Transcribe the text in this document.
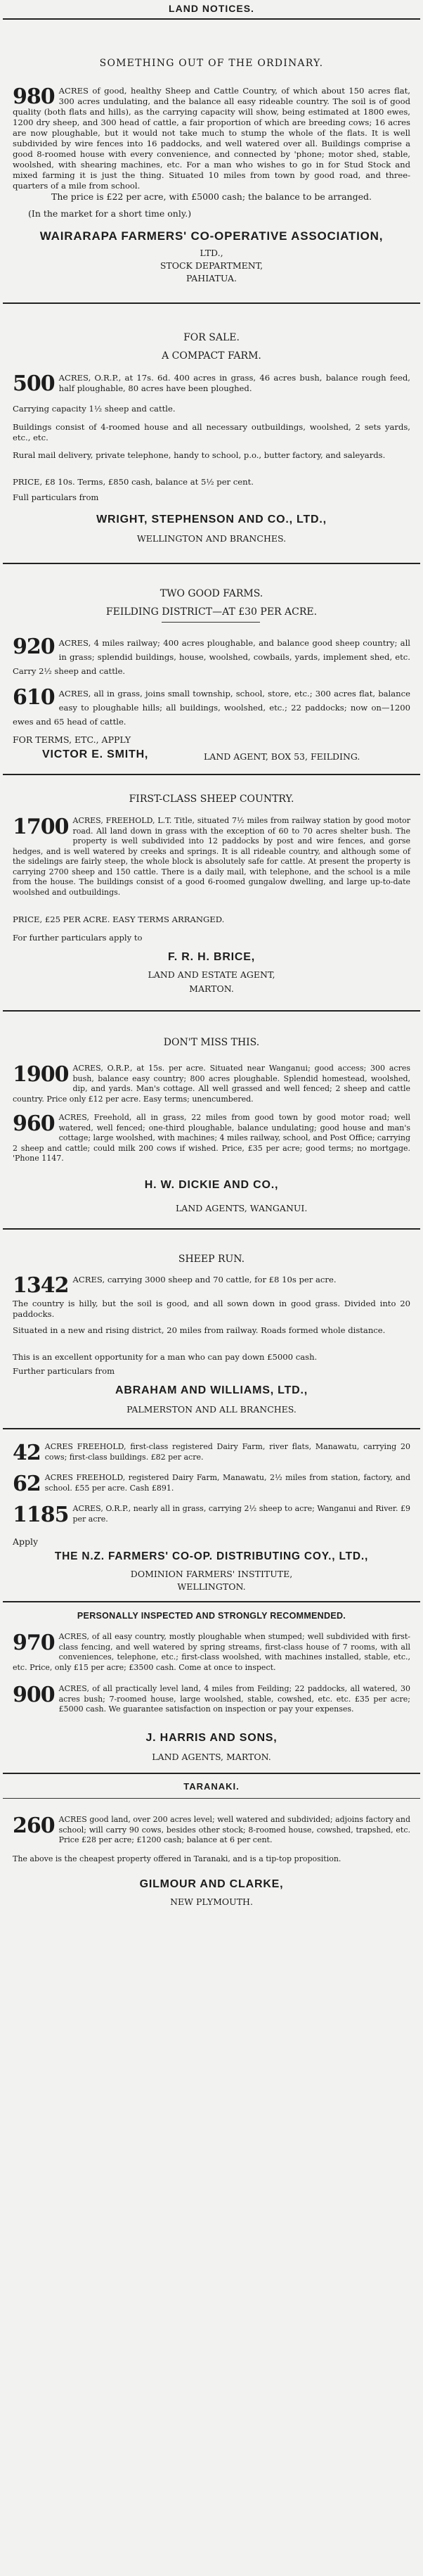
LAND NOTICES.
SOMETHING OUT OF THE ORDINARY.
980 ACRES of good, healthy Sheep and Cattle Country, of which about 150 acres flat, 300 acres undulating, and the balance all easy rideable country. The soil is of good quality (both flats and hills), as the carrying capacity will show, being estimated at 1800 ewes, 1200 dry sheep, and 300 head of cattle, a fair proportion of which are breeding cows; 16 acres are now ploughable, but it would not take much to stump the whole of the flats. It is well subdivided by wire fences into 16 paddocks, and well watered over all. Buildings comprise a good 8-roomed house with every convenience, and connected by 'phone; motor shed, stable, woolshed, with shearing machines, etc. For a man who wishes to go in for Stud Stock and mixed farming it is just the thing. Situated 10 miles from town by good road, and three-quarters of a mile from school.
The price is £22 per acre, with £5000 cash; the balance to be arranged.
(In the market for a short time only.)
WAIRARAPA FARMERS' CO-OPERATIVE ASSOCIATION,
LTD.,
STOCK DEPARTMENT,
PAHIATUA.
FOR SALE.
A COMPACT FARM.
500 ACRES, O.R.P., at 17s. 6d. 400 acres in grass, 46 acres bush, balance rough feed, half ploughable, 80 acres have been ploughed.
Carrying capacity 1½ sheep and cattle.
Buildings consist of 4-roomed house and all necessary outbuildings, woolshed, 2 sets yards, etc., etc.
Rural mail delivery, private telephone, handy to school, p.o., butter factory, and saleyards.
PRICE, £8 10s. Terms, £850 cash, balance at 5½ per cent.
Full particulars from
WRIGHT, STEPHENSON AND CO., LTD.,
WELLINGTON AND BRANCHES.
TWO GOOD FARMS.
FEILDING DISTRICT—AT £30 PER ACRE.
920 ACRES, 4 miles railway; 400 acres ploughable, and balance good sheep country; all in grass; splendid buildings, house, woolshed, cowbails, yards, implement shed, etc. Carry 2½ sheep and cattle.
610 ACRES, all in grass, joins small township, school, store, etc.; 300 acres flat, balance easy to ploughable hills; all buildings, woolshed, etc.; 22 paddocks; now on—1200 ewes and 65 head of cattle.
FOR TERMS, ETC., APPLY
VICTOR E. SMITH,	LAND AGENT, BOX 53, FEILDING.
FIRST-CLASS SHEEP COUNTRY.
1700 ACRES, FREEHOLD, L.T. Title, situated 7½ miles from railway station by good motor road. All land down in grass with the exception of 60 to 70 acres shelter bush. The property is well subdivided into 12 paddocks by post and wire fences, and gorse hedges, and is well watered by creeks and springs. It is all rideable country, and although some of the sidelings are fairly steep, the whole block is absolutely safe for cattle. At present the property is carrying 2700 sheep and 150 cattle. There is a daily mail, with telephone, and the school is a mile from the house. The buildings consist of a good 6-roomed gungalow dwelling, and large up-to-date woolshed and outbuildings.
PRICE, £25 PER ACRE. EASY TERMS ARRANGED.
For further particulars apply to
F. R. H. BRICE,
LAND AND ESTATE AGENT,
MARTON.
DON'T MISS THIS.
1900 ACRES, O.R.P., at 15s. per acre. Situated near Wanganui; good access; 300 acres bush, balance easy country; 800 acres ploughable. Splendid homestead, woolshed, dip, and yards. Man's cottage. All well grassed and well fenced; 2 sheep and cattle country. Price only £12 per acre. Easy terms; unencumbered.
960 ACRES, Freehold, all in grass, 22 miles from good town by good motor road; well watered, well fenced; one-third ploughable, balance undulating; good house and man's cottage; large woolshed, with machines; 4 miles railway, school, and Post Office; carrying 2 sheep and cattle; could milk 200 cows if wished. Price, £35 per acre; good terms; no mortgage. 'Phone 1147.
H. W. DICKIE AND CO.,
LAND AGENTS, WANGANUI.
SHEEP RUN.
1342 ACRES, carrying 3000 sheep and 70 cattle, for £8 10s per acre.
The country is hilly, but the soil is good, and all sown down in good grass. Divided into 20 paddocks.
Situated in a new and rising district, 20 miles from railway. Roads formed whole distance.
This is an excellent opportunity for a man who can pay down £5000 cash.
Further particulars from
ABRAHAM AND WILLIAMS, LTD.,
PALMERSTON AND ALL BRANCHES.
42 ACRES FREEHOLD, first-class registered Dairy Farm, river flats, Manawatu, carrying 20 cows; first-class buildings. £82 per acre.
62 ACRES FREEHOLD, registered Dairy Farm, Manawatu, 2½ miles from station, factory, and school. £55 per acre. Cash £891.
1185 ACRES, O.R.P., nearly all in grass, carrying 2½ sheep to acre; Wanganui and River. £9 per acre.
Apply
THE N.Z. FARMERS' CO-OP. DISTRIBUTING COY., LTD.,
DOMINION FARMERS' INSTITUTE,
WELLINGTON.
PERSONALLY INSPECTED AND STRONGLY RECOMMENDED.
970 ACRES, of all easy country, mostly ploughable when stumped; well subdivided with first-class fencing, and well watered by spring streams, first-class house of 7 rooms, with all conveniences, telephone, etc.; first-class woolshed, with machines installed, stable, etc., etc. Price, only £15 per acre; £3500 cash. Come at once to inspect.
900 ACRES, of all practically level land, 4 miles from Feilding; 22 paddocks, all watered, 30 acres bush; 7-roomed house, large woolshed, stable, cowshed, etc. etc. £35 per acre; £5000 cash. We guarantee satisfaction on inspection or pay your expenses.
J. HARRIS AND SONS,
LAND AGENTS, MARTON.
TARANAKI.
260 ACRES good land, over 200 acres level; well watered and subdivided; adjoins factory and school; will carry 90 cows, besides other stock; 8-roomed house, cowshed, trapshed, etc. Price £28 per acre; £1200 cash; balance at 6 per cent.
The above is the cheapest property offered in Taranaki, and is a tip-top proposition.
GILMOUR AND CLARKE,
NEW PLYMOUTH.
